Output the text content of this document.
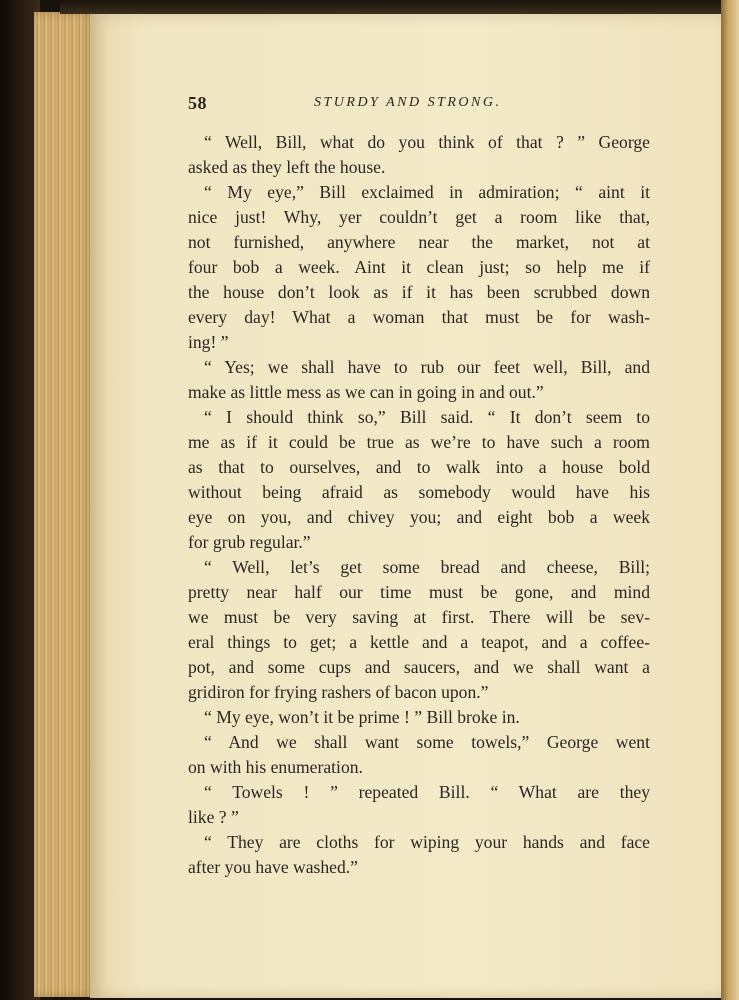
58	STURDY AND STRONG.
“ Well, Bill, what do you think of that ? ” George
asked as they left the house.
“ My eye,” Bill exclaimed in admiration; “ aint it
nice just! Why, yer couldn’t get a room like that,
not furnished, anywhere near the market, not at
four bob a week. Aint it clean just; so help me if
the house don’t look as if it has been scrubbed down
every day! What a woman that must be for wash-
ing! ”
“ Yes; we shall have to rub our feet well, Bill, and
make as little mess as we can in going in and out.”
“ I should think so,” Bill said. “ It don’t seem to
me as if it could be true as we’re to have such a room
as that to ourselves, and to walk into a house bold
without being afraid as somebody would have his
eye on you, and chivey you; and eight bob a week
for grub regular.”
“ Well, let’s get some bread and cheese, Bill;
pretty near half our time must be gone, and mind
we must be very saving at first. There will be sev-
eral things to get; a kettle and a teapot, and a coffee-
pot, and some cups and saucers, and we shall want a
gridiron for frying rashers of bacon upon.”
“ My eye, won’t it be prime ! ” Bill broke in.
“ And we shall want some towels,” George went
on with his enumeration.
“ Towels ! ” repeated Bill. “ What are they
like ? ”
“ They are cloths for wiping your hands and face
after you have washed.”
